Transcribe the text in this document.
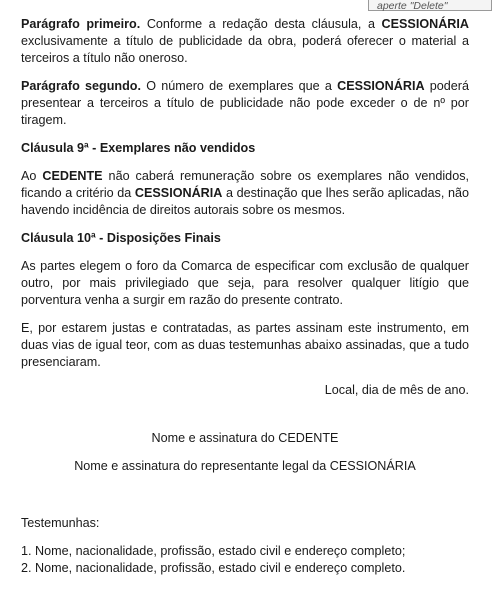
aperte "Delete"

Parágrafo primeiro. Conforme a redação desta cláusula, a CESSIONÁRIA exclusivamente a título de publicidade da obra, poderá oferecer o material a terceiros a título não oneroso.

Parágrafo segundo. O número de exemplares que a CESSIONÁRIA poderá presentear a terceiros a título de publicidade não pode exceder o de nº por tiragem.

Cláusula 9ª - Exemplares não vendidos

Ao CEDENTE não caberá remuneração sobre os exemplares não vendidos, ficando a critério da CESSIONÁRIA a destinação que lhes serão aplicadas, não havendo incidência de direitos autorais sobre os mesmos.

Cláusula 10ª - Disposições Finais

As partes elegem o foro da Comarca de especificar com exclusão de qualquer outro, por mais privilegiado que seja, para resolver qualquer litígio que porventura venha a surgir em razão do presente contrato.

E, por estarem justas e contratadas, as partes assinam este instrumento, em duas vias de igual teor, com as duas testemunhas abaixo assinadas, que a tudo presenciaram.

Local, dia de mês de ano.

Nome e assinatura do CEDENTE

Nome e assinatura do representante legal da CESSIONÁRIA

Testemunhas:

1. Nome, nacionalidade, profissão, estado civil e endereço completo;

2. Nome, nacionalidade, profissão, estado civil e endereço completo.
